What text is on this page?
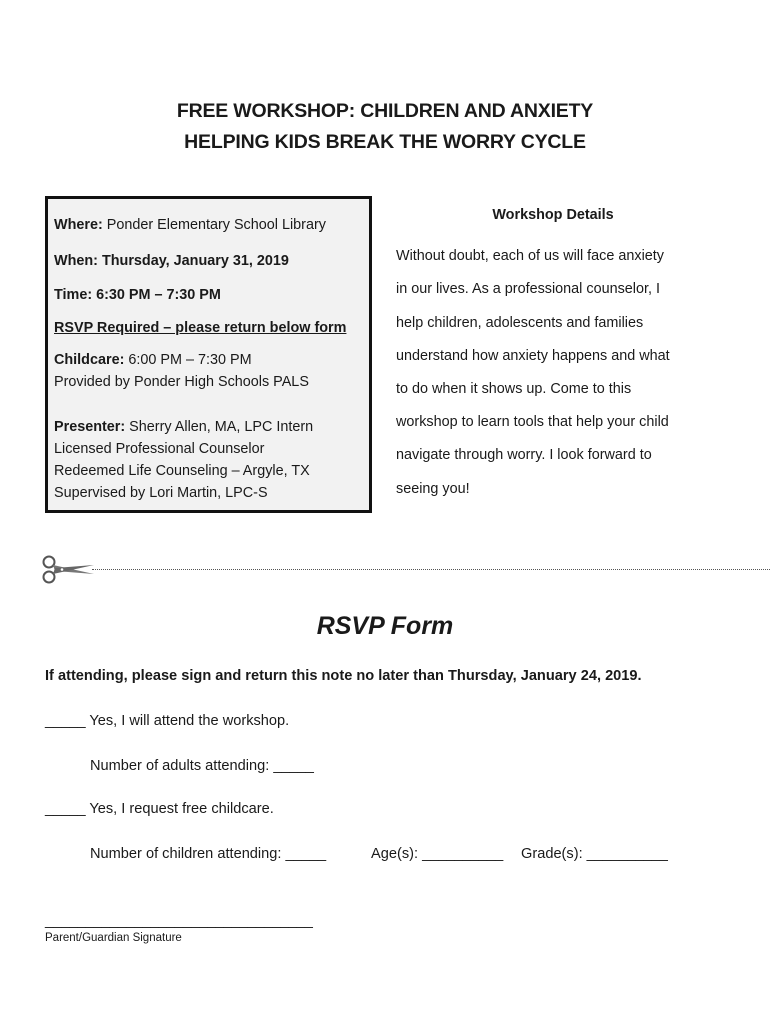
FREE WORKSHOP: CHILDREN AND ANXIETY
HELPING KIDS BREAK THE WORRY CYCLE
Where: Ponder Elementary School Library
When: Thursday, January 31, 2019
Time: 6:30 PM – 7:30 PM
RSVP Required – please return below form
Childcare: 6:00 PM – 7:30 PM
Provided by Ponder High Schools PALS
Presenter: Sherry Allen, MA, LPC Intern
Licensed Professional Counselor
Redeemed Life Counseling – Argyle, TX
Supervised by Lori Martin, LPC-S
Workshop Details
Without doubt, each of us will face anxiety
in our lives. As a professional counselor, I
help children, adolescents and families
understand how anxiety happens and what
to do when it shows up. Come to this
workshop to learn tools that help your child
navigate through worry. I look forward to
seeing you!
RSVP Form
If attending, please sign and return this note no later than Thursday, January 24, 2019.
_____ Yes, I will attend the workshop.
Number of adults attending: _____
_____ Yes, I request free childcare.
Number of children attending: _____	Age(s): __________ Grade(s): __________
_________________________________
Parent/Guardian Signature
